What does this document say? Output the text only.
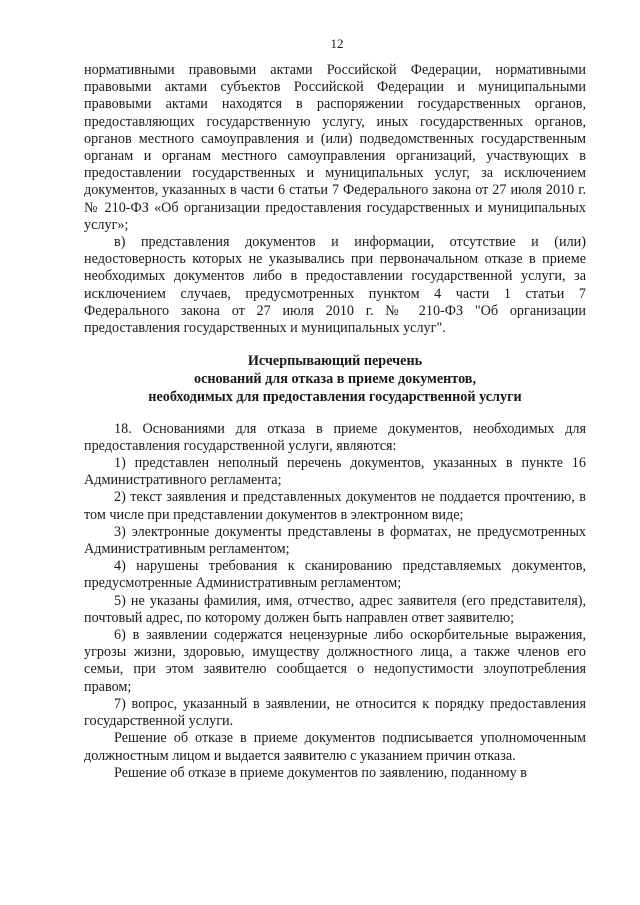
12

нормативными правовыми актами Российской Федерации, нормативными правовыми актами субъектов Российской Федерации и муниципальными правовыми актами находятся в распоряжении государственных органов, предоставляющих государственную услугу, иных государственных органов, органов местного самоуправления и (или) подведомственных государственным органам и органам местного самоуправления организаций, участвующих в предоставлении государственных и муниципальных услуг, за исключением документов, указанных в части 6 статьи 7 Федерального закона от 27 июля 2010 г. № 210-ФЗ «Об организации предоставления государственных и муниципальных услуг»;

в) представления документов и информации, отсутствие и (или) недостоверность которых не указывались при первоначальном отказе в приеме необходимых документов либо в предоставлении государственной услуги, за исключением случаев, предусмотренных пунктом 4 части 1 статьи 7 Федерального закона от 27 июля 2010 г. № 210-ФЗ "Об организации предоставления государственных и муниципальных услуг".

Исчерпывающий перечень
оснований для отказа в приеме документов,
необходимых для предоставления государственной услуги

18. Основаниями для отказа в приеме документов, необходимых для предоставления государственной услуги, являются:

1) представлен неполный перечень документов, указанных в пункте 16 Административного регламента;

2) текст заявления и представленных документов не поддается прочтению, в том числе при представлении документов в электронном виде;

3) электронные документы представлены в форматах, не предусмотренных Административным регламентом;

4) нарушены требования к сканированию представляемых документов, предусмотренные Административным регламентом;

5) не указаны фамилия, имя, отчество, адрес заявителя (его представителя), почтовый адрес, по которому должен быть направлен ответ заявителю;

6) в заявлении содержатся нецензурные либо оскорбительные выражения, угрозы жизни, здоровью, имуществу должностного лица, а также членов его семьи, при этом заявителю сообщается о недопустимости злоупотребления правом;

7) вопрос, указанный в заявлении, не относится к порядку предоставления государственной услуги.

Решение об отказе в приеме документов подписывается уполномоченным должностным лицом и выдается заявителю с указанием причин отказа.

Решение об отказе в приеме документов по заявлению, поданному в
